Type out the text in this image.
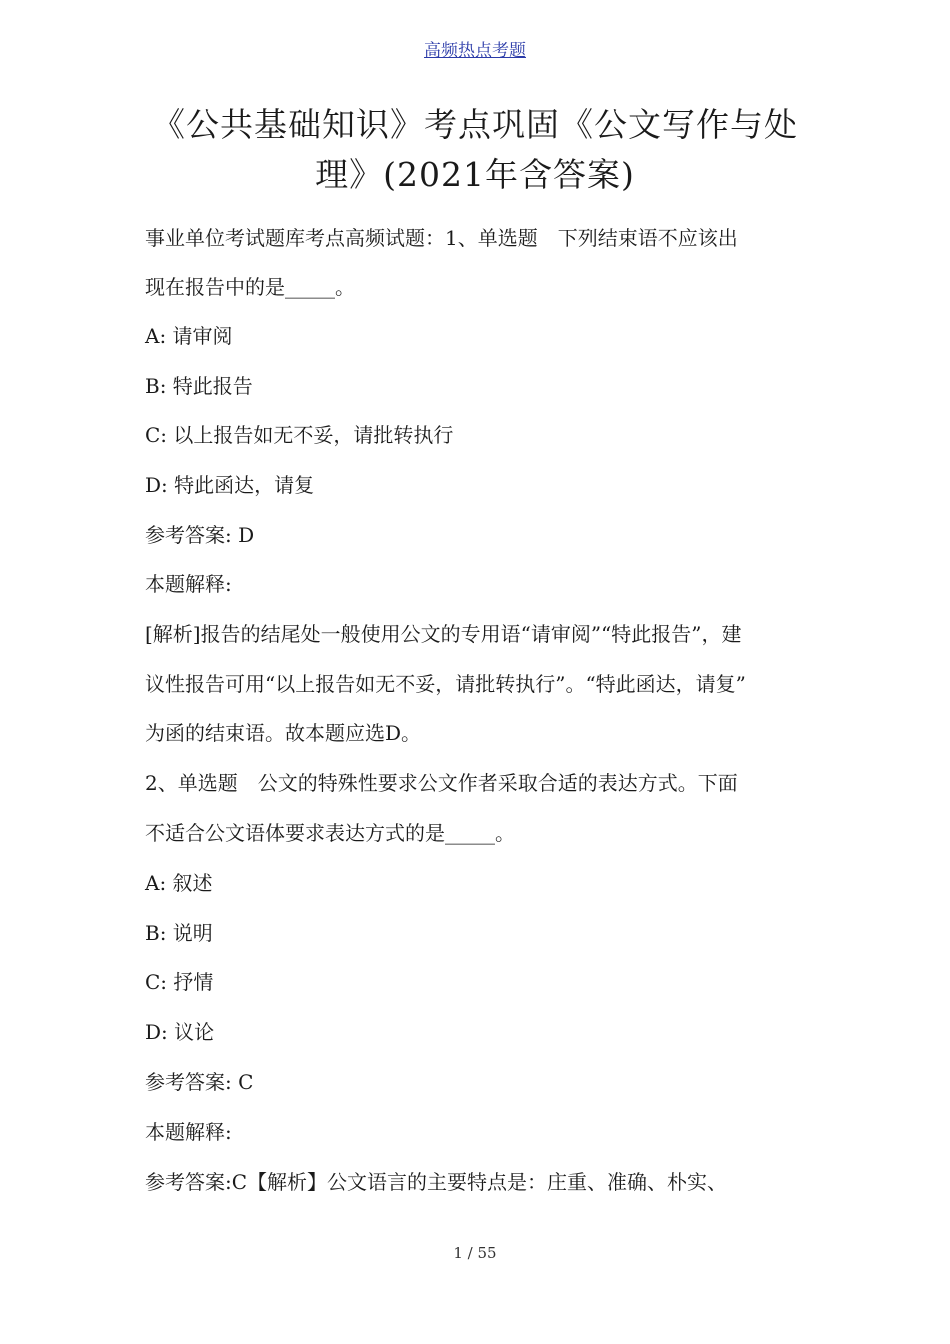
高频热点考题
《公共基础知识》考点巩固《公文写作与处
理》(2021年含答案)
事业单位考试题库考点高频试题：1、单选题　下列结束语不应该出
现在报告中的是_____。
A: 请审阅
B: 特此报告
C: 以上报告如无不妥，请批转执行
D: 特此函达，请复
参考答案: D
本题解释:
[解析]报告的结尾处一般使用公文的专用语“请审阅”“特此报告”，建
议性报告可用“以上报告如无不妥，请批转执行”。“特此函达，请复”
为函的结束语。故本题应选D。
2、单选题　公文的特殊性要求公文作者采取合适的表达方式。下面
不适合公文语体要求表达方式的是_____。
A: 叙述
B: 说明
C: 抒情
D: 议论
参考答案: C
本题解释:
参考答案:C【解析】公文语言的主要特点是：庄重、准确、朴实、
1 / 55
